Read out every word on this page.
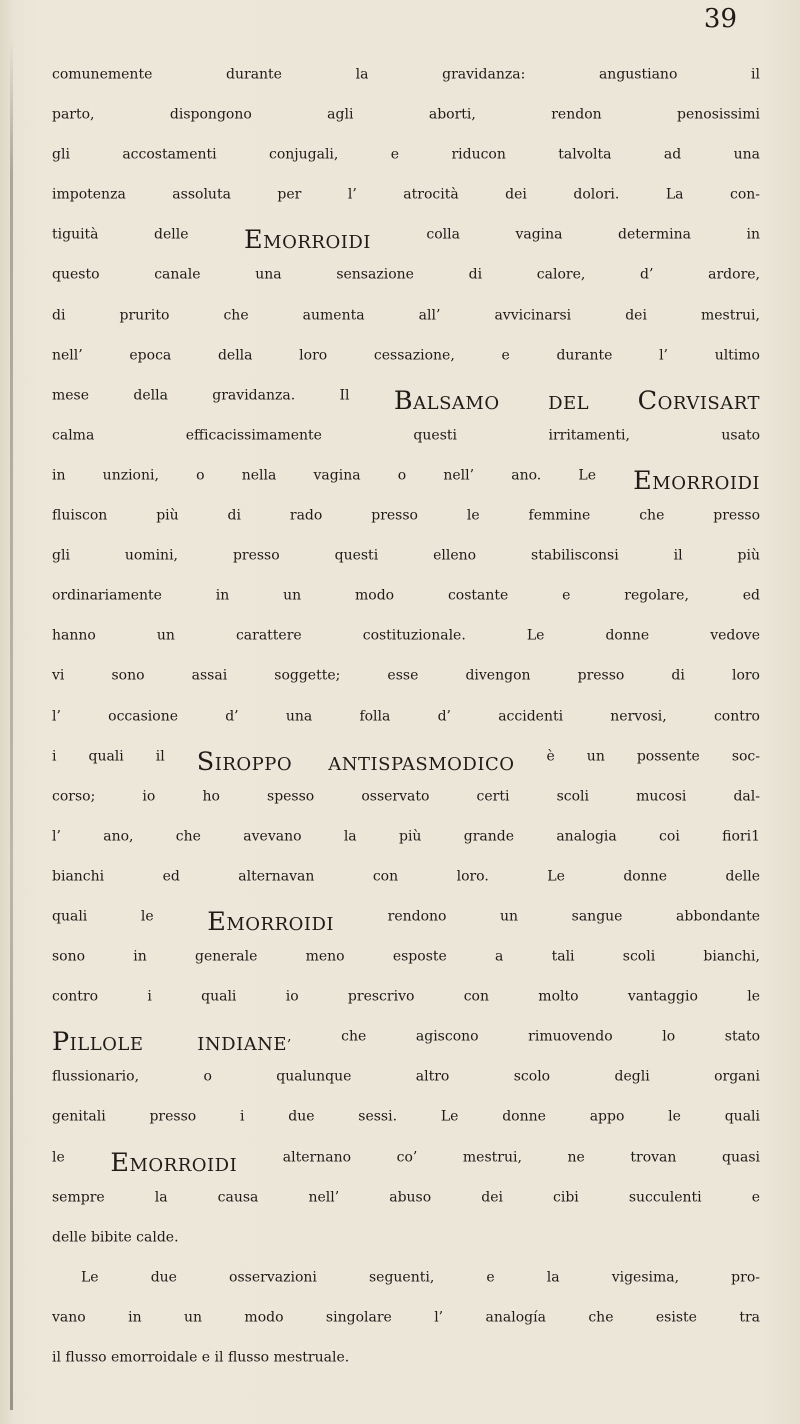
39
$^{comunemente durante la gravidanza: angustiano il}$
$^{parto, dispongono agli aborti, rendon penosissimi}$
$^{gli accostamenti conjugali, e riducon talvolta ad una}$
$^{impotenza assoluta per l’ atrocità dei dolori. La con-}$
$^{tiguità delle}$ Emorroidi $^{colla vagina determina in}$
$^{questo canale una sensazione di calore, d’ ardore,}$
$^{di prurito che aumenta all’ avvicinarsi dei mestrui,}$
$^{nell’ epoca della loro cessazione, e durante l’ ultimo}$
$^{mese della gravidanza. Il}$ Balsamo del Corvisart
$^{calma efficacissimamente questi irritamenti, usato}$
$^{in unzioni, o nella vagina o nell’ ano. Le}$ Emorroidi
$^{fluiscon più di rado presso le femmine che presso}$
$^{gli uomini, presso questi elleno stabilisconsi il più}$
$^{ordinariamente in un modo costante e regolare, ed}$
$^{hanno un carattere costituzionale. Le donne vedove}$
$^{vi sono assai soggette; esse divengon presso di loro}$
$^{l’ occasione d’ una folla d’ accidenti nervosi, contro}$
$^{i quali il}$ Siroppo antispasmodico $^{è un possente soc-}$
$^{corso; io ho spesso osservato certi scoli mucosi dal-}$
$^{l’ ano, che avevano la più grande analogia coi fiori1}$
$^{bianchi ed alternavan con loro. Le donne delle}$
$^{quali le}$ Emorroidi $^{rendono un sangue abbondante}$
$^{sono in generale meno esposte a tali scoli bianchi,}$
$^{contro i quali io prescrivo con molto vantaggio le}$
Pillole indiane$^{, che agiscono rimuovendo lo stato}$
$^{flussionario, o qualunque altro scolo degli organi}$
$^{genitali presso i due sessi. Le donne appo le quali}$
$^{le}$ Emorroidi $^{alternano co’ mestrui, ne trovan quasi}$
$^{sempre la causa nell’ abuso dei cibi succulenti e}$
$^{delle bibite calde.}$
$^{Le due osservazioni seguenti, e la vigesima, pro-}$
$^{vano in un modo singolare l’ analogía che esiste tra}$
$^{il flusso emorroidale e il flusso mestruale.}$
